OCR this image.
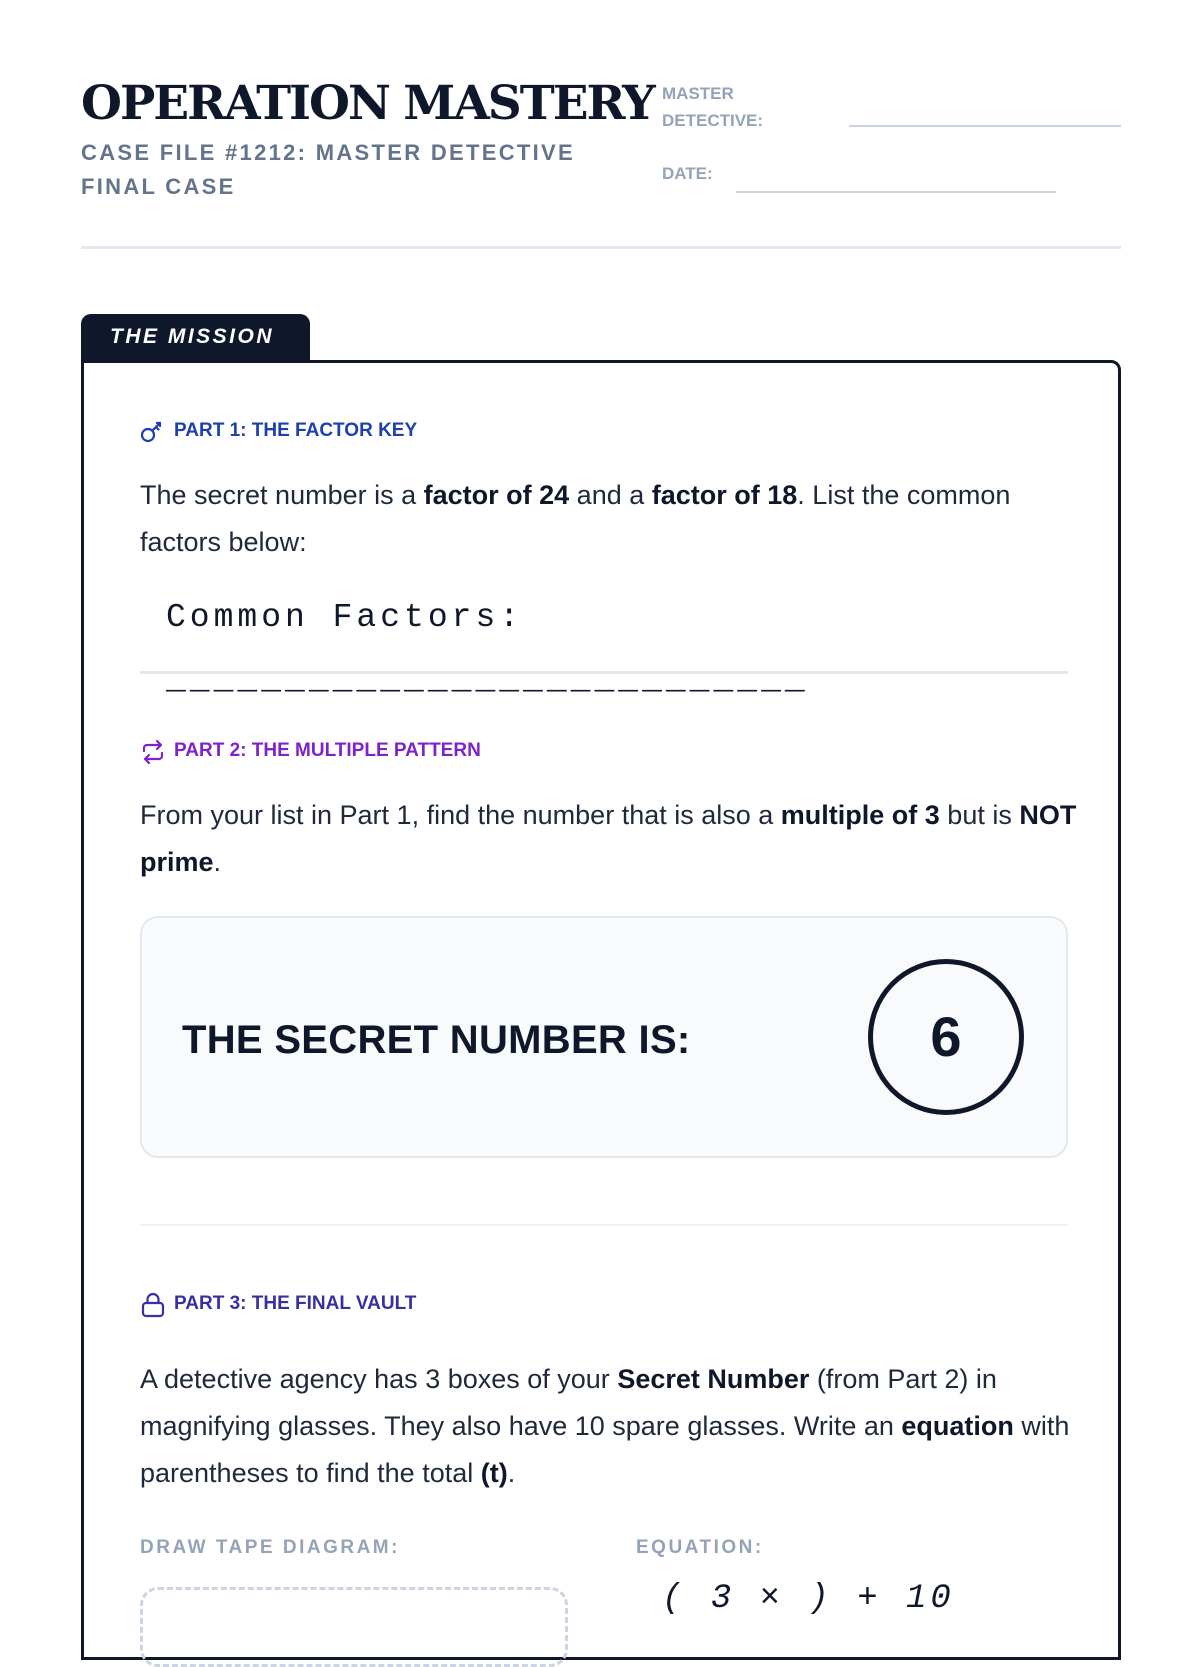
OPERATION MASTERY
CASE FILE #1212: MASTER DETECTIVE FINAL CASE
MASTER DETECTIVE:
DATE:
THE MISSION
PART 1: THE FACTOR KEY
The secret number is a factor of 24 and a factor of 18. List the common factors below:
Common Factors: ___________________________
PART 2: THE MULTIPLE PATTERN
From your list in Part 1, find the number that is also a multiple of 3 but is NOT prime.
THE SECRET NUMBER IS:	6
PART 3: THE FINAL VAULT
A detective agency has 3 boxes of your Secret Number (from Part 2) in magnifying glasses. They also have 10 spare glasses. Write an equation with parentheses to find the total (t).
DRAW TAPE DIAGRAM:	EQUATION:
( 3 × ) + 10
